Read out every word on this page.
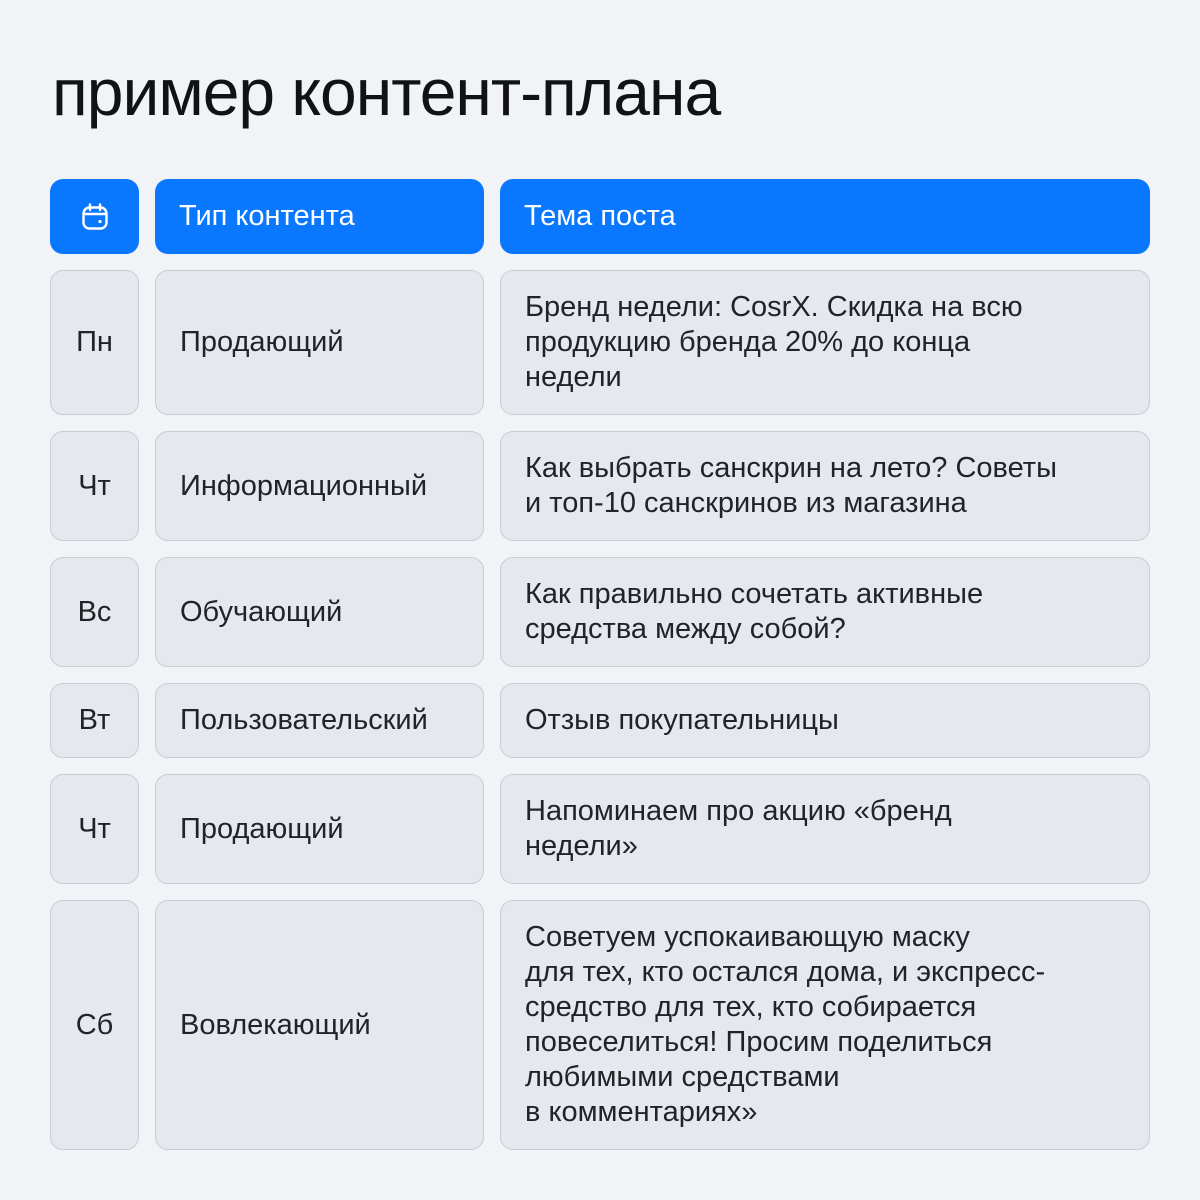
пример контент-плана
Тип контента	Тема поста
Пн Продающий
Бренд недели: CosrX. Скидка на всю
продукцию бренда 20% до конца
недели
Чт Информационный
Как выбрать санскрин на лето? Советы
и топ-10 санскринов из магазина
Вс Обучающий
Как правильно сочетать активные
средства между собой?
Вт Пользовательский	Отзыв покупательницы
Чт Продающий
Напоминаем про акцию «бренд
недели»
Сб Вовлекающий
Советуем успокаивающую маску
для тех, кто остался дома, и экспресс-
средство для тех, кто собирается
повеселиться! Просим поделиться
любимыми средствами
в комментариях»
